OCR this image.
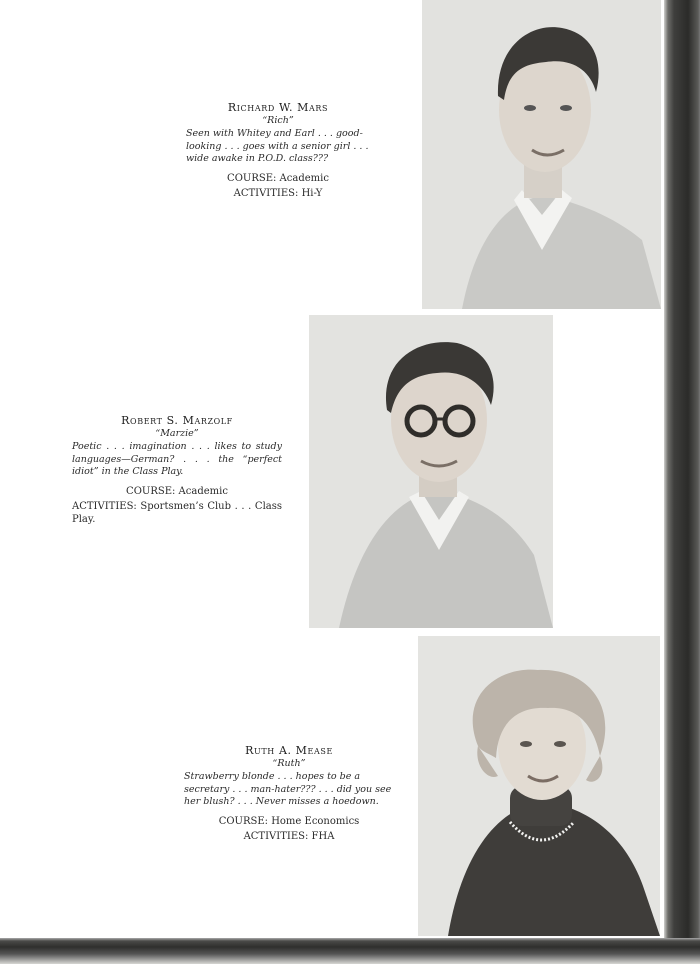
Richard W. Mars
“Rich”
Seen with Whitey and Earl . . . good-looking . . . goes with a senior girl . . . wide awake in P.O.D. class???
COURSE: Academic
ACTIVITIES: Hi-Y
Robert S. Marzolf
“Marzie”
Poetic . . . imagination . . . likes to study languages—German? . . . the “perfect idiot” in the Class Play.
COURSE: Academic
ACTIVITIES: Sportsmen’s Club . . . Class Play.
Ruth A. Mease
“Ruth”
Strawberry blonde . . . hopes to be a secretary . . . man-hater??? . . . did you see her blush? . . . Never misses a hoedown.
COURSE: Home Economics
ACTIVITIES: FHA
